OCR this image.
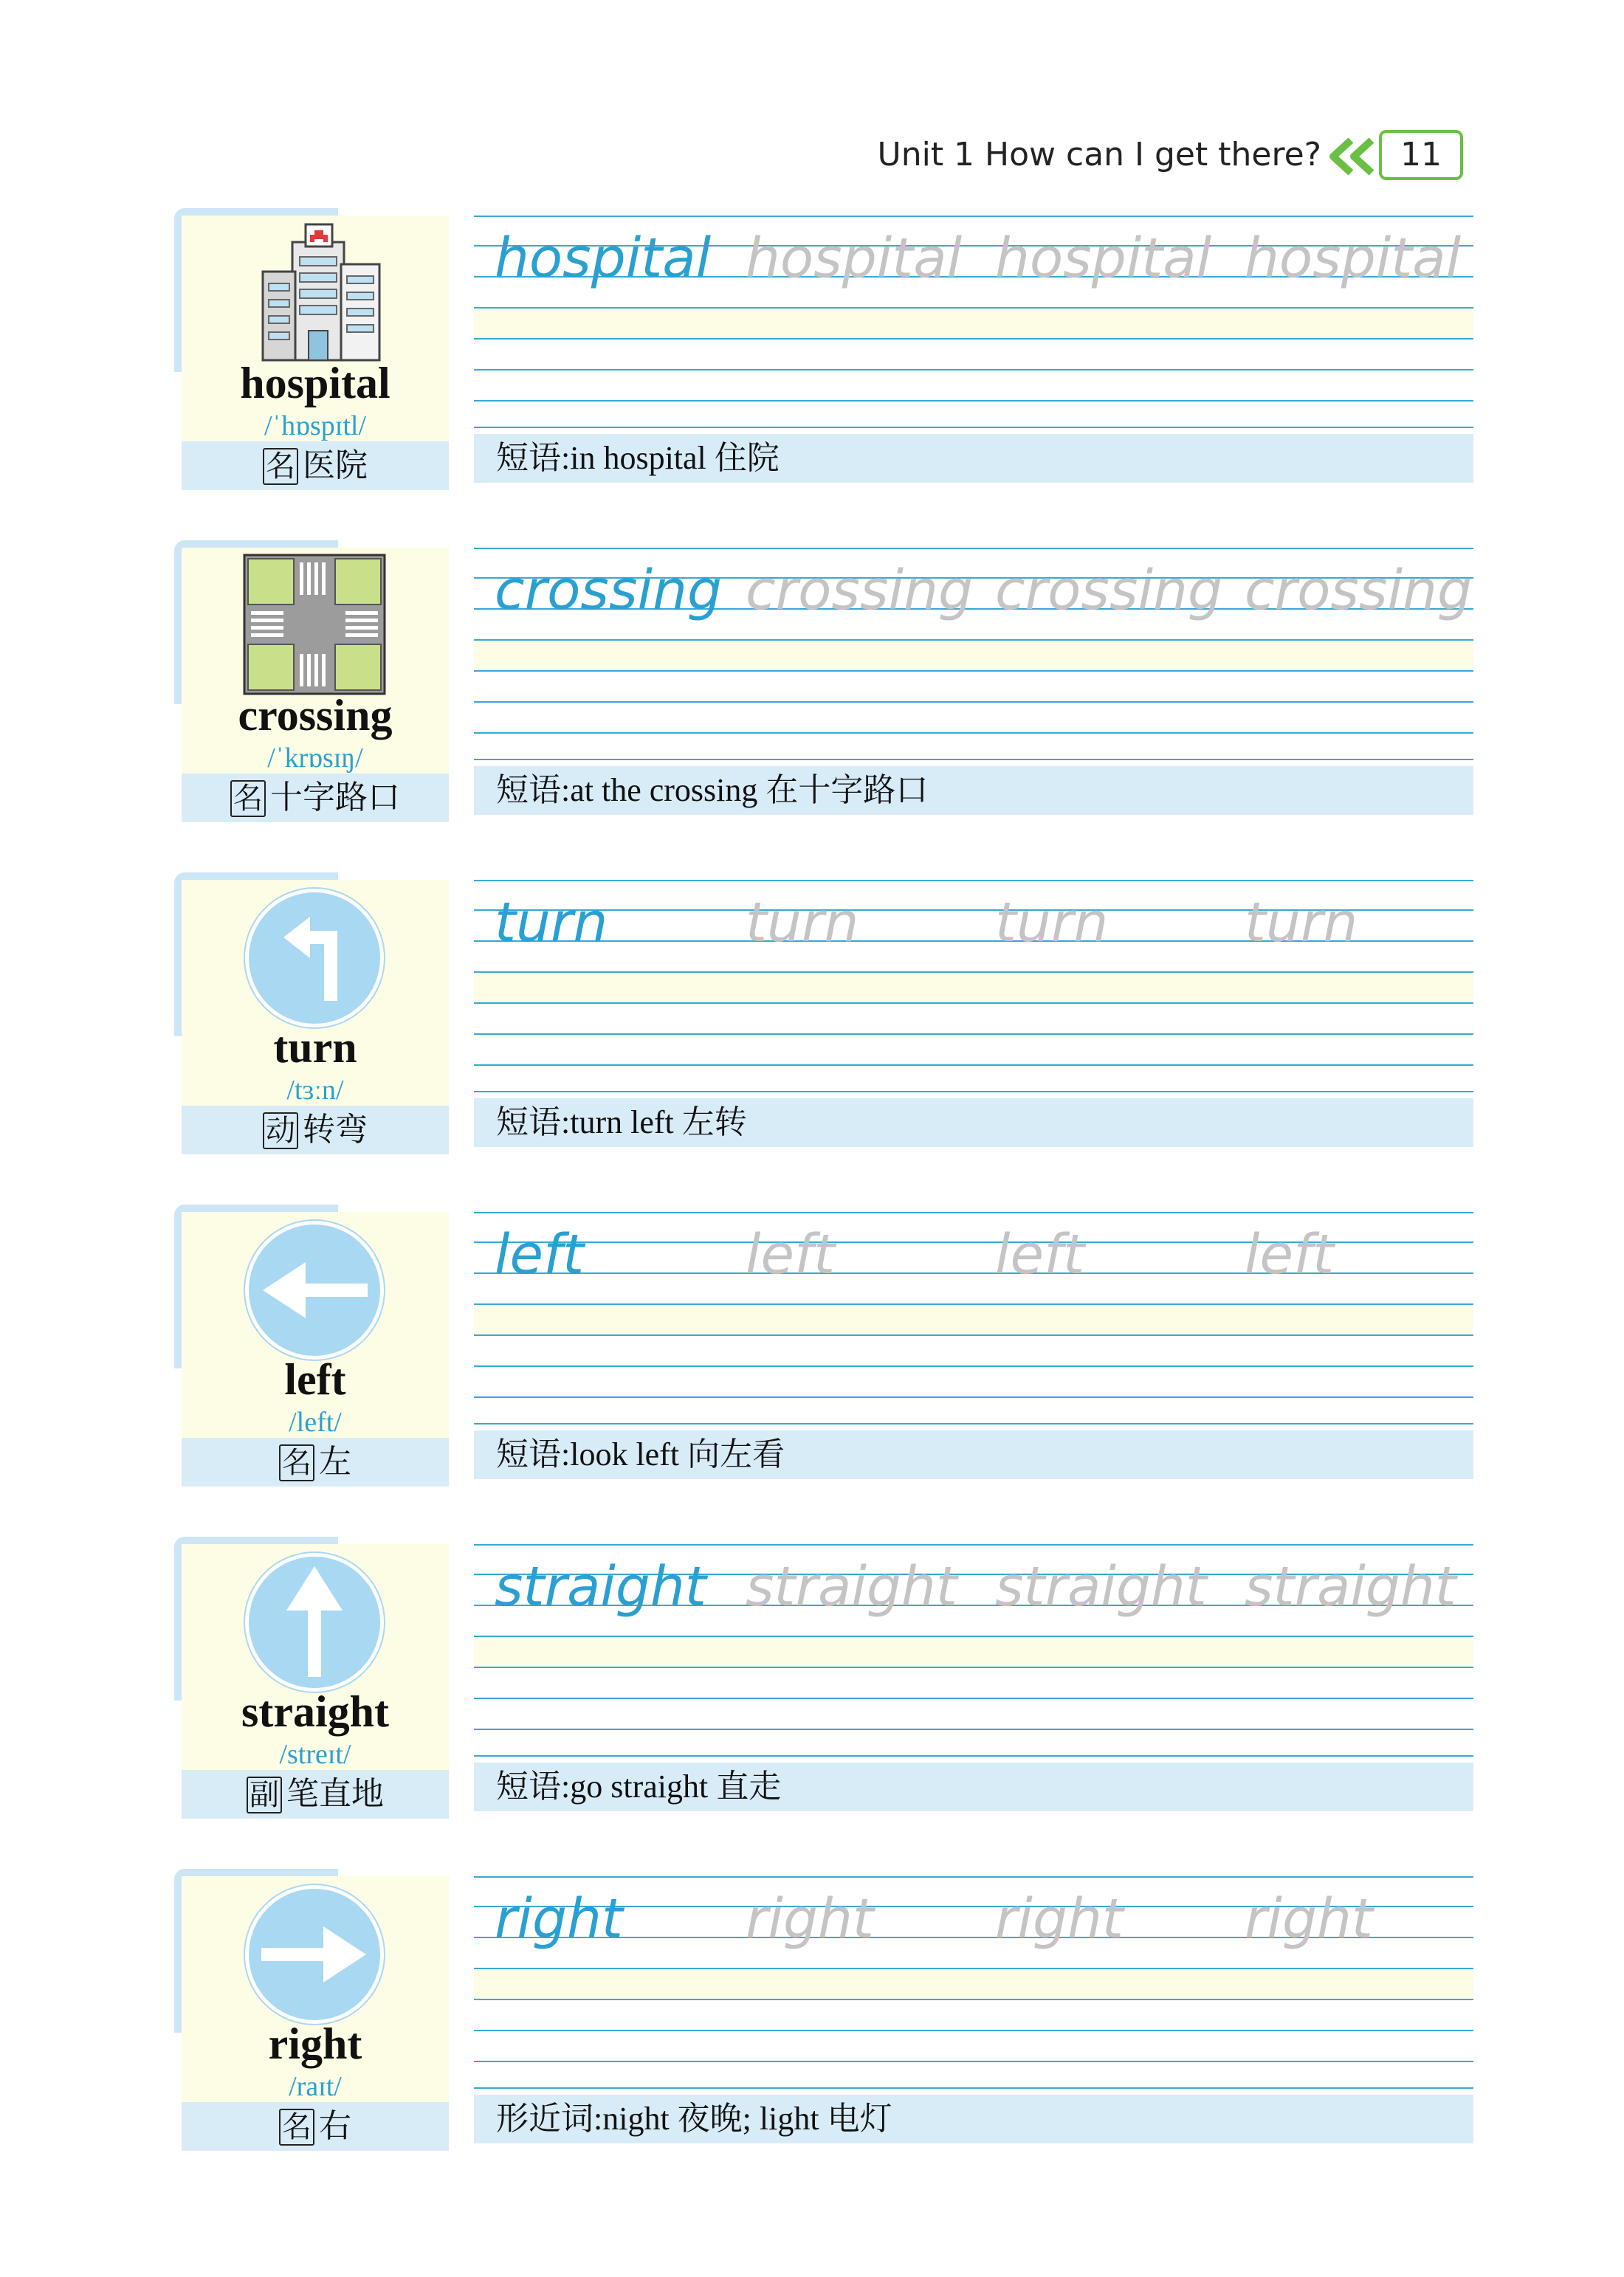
Unit 1 How can I get there?	11
hospital
/ˈhɒspɪtl/
名 医院
hospital hospital hospital hospital
短语:in hospital 住院
crossing
/ˈkrɒsɪŋ/
名 十字路口
crossing crossing crossing crossing
短语:at the crossing 在十字路口
turn
/tɜːn/
动 转弯
turn	turn turn turn
短语:turn left 左转
left
/left/
名 左
left	left	left	left
短语:look left 向左看
straight
/streɪt/
副 笔直地
straight straight straight straight
短语:go straight 直走
right
/raɪt/
名 右
right right right right
形近词:night 夜晚; light 电灯
